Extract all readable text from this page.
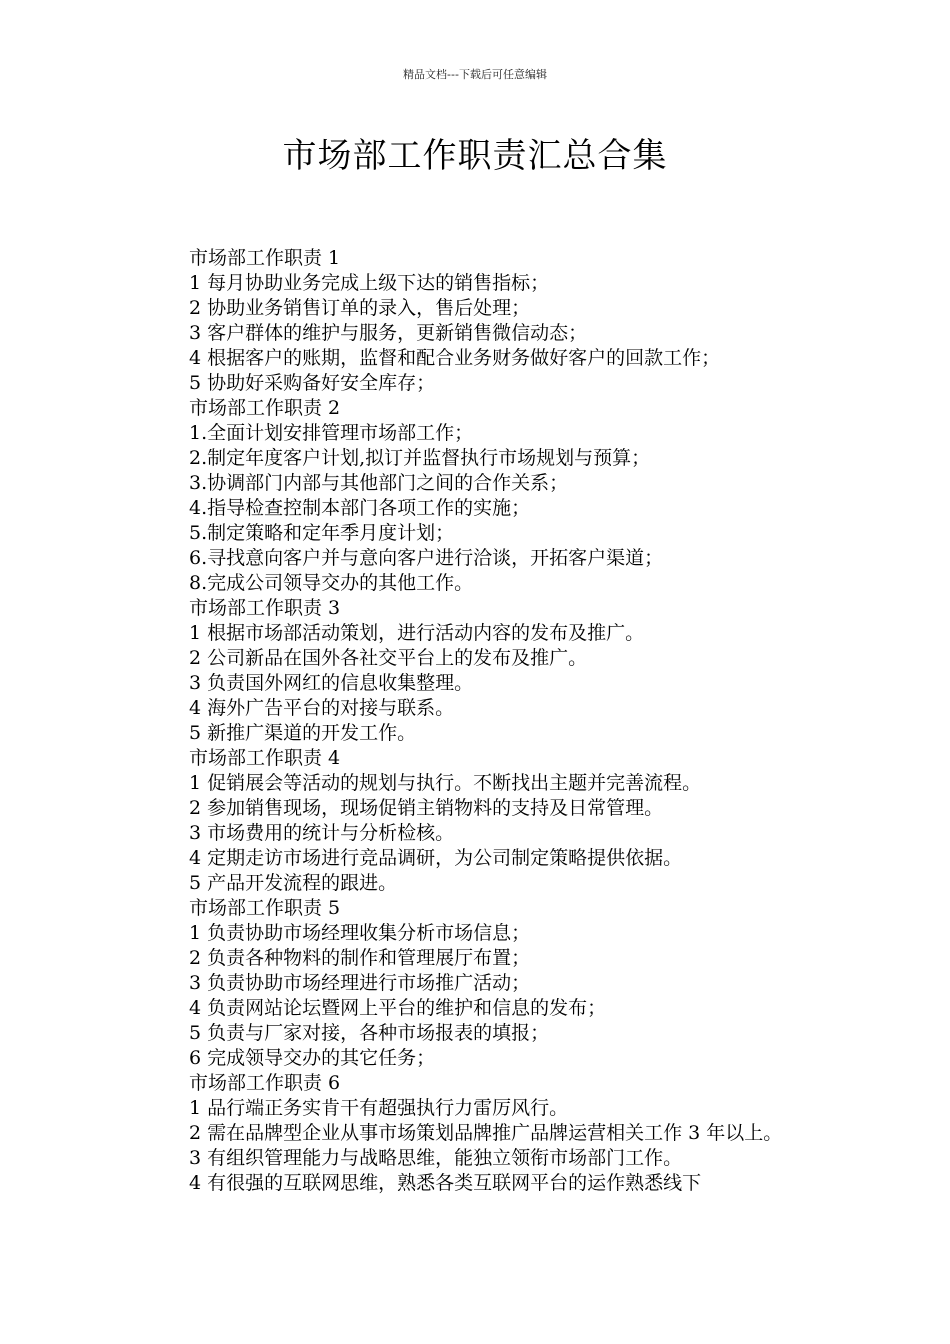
精品文档---下载后可任意编辑
市场部工作职责汇总合集
市场部工作职责 1
1 每月协助业务完成上级下达的销售指标；
2 协助业务销售订单的录入，售后处理；
3 客户群体的维护与服务，更新销售微信动态；
4 根据客户的账期，监督和配合业务财务做好客户的回款工作；
5 协助好采购备好安全库存；
市场部工作职责 2
1.全面计划安排管理市场部工作；
2.制定年度客户计划,拟订并监督执行市场规划与预算；
3.协调部门内部与其他部门之间的合作关系；
4.指导检查控制本部门各项工作的实施；
5.制定策略和定年季月度计划；
6.寻找意向客户并与意向客户进行洽谈，开拓客户渠道；
8.完成公司领导交办的其他工作。
市场部工作职责 3
1 根据市场部活动策划，进行活动内容的发布及推广。
2 公司新品在国外各社交平台上的发布及推广。
3 负责国外网红的信息收集整理。
4 海外广告平台的对接与联系。
5 新推广渠道的开发工作。
市场部工作职责 4
1 促销展会等活动的规划与执行。不断找出主题并完善流程。
2 参加销售现场，现场促销主销物料的支持及日常管理。
3 市场费用的统计与分析检核。
4 定期走访市场进行竞品调研，为公司制定策略提供依据。
5 产品开发流程的跟进。
市场部工作职责 5
1 负责协助市场经理收集分析市场信息；
2 负责各种物料的制作和管理展厅布置；
3 负责协助市场经理进行市场推广活动；
4 负责网站论坛暨网上平台的维护和信息的发布；
5 负责与厂家对接，各种市场报表的填报；
6 完成领导交办的其它任务；
市场部工作职责 6
1 品行端正务实肯干有超强执行力雷厉风行。
2 需在品牌型企业从事市场策划品牌推广品牌运营相关工作 3 年以上。
3 有组织管理能力与战略思维，能独立领衔市场部门工作。
4 有很强的互联网思维，熟悉各类互联网平台的运作熟悉线下
